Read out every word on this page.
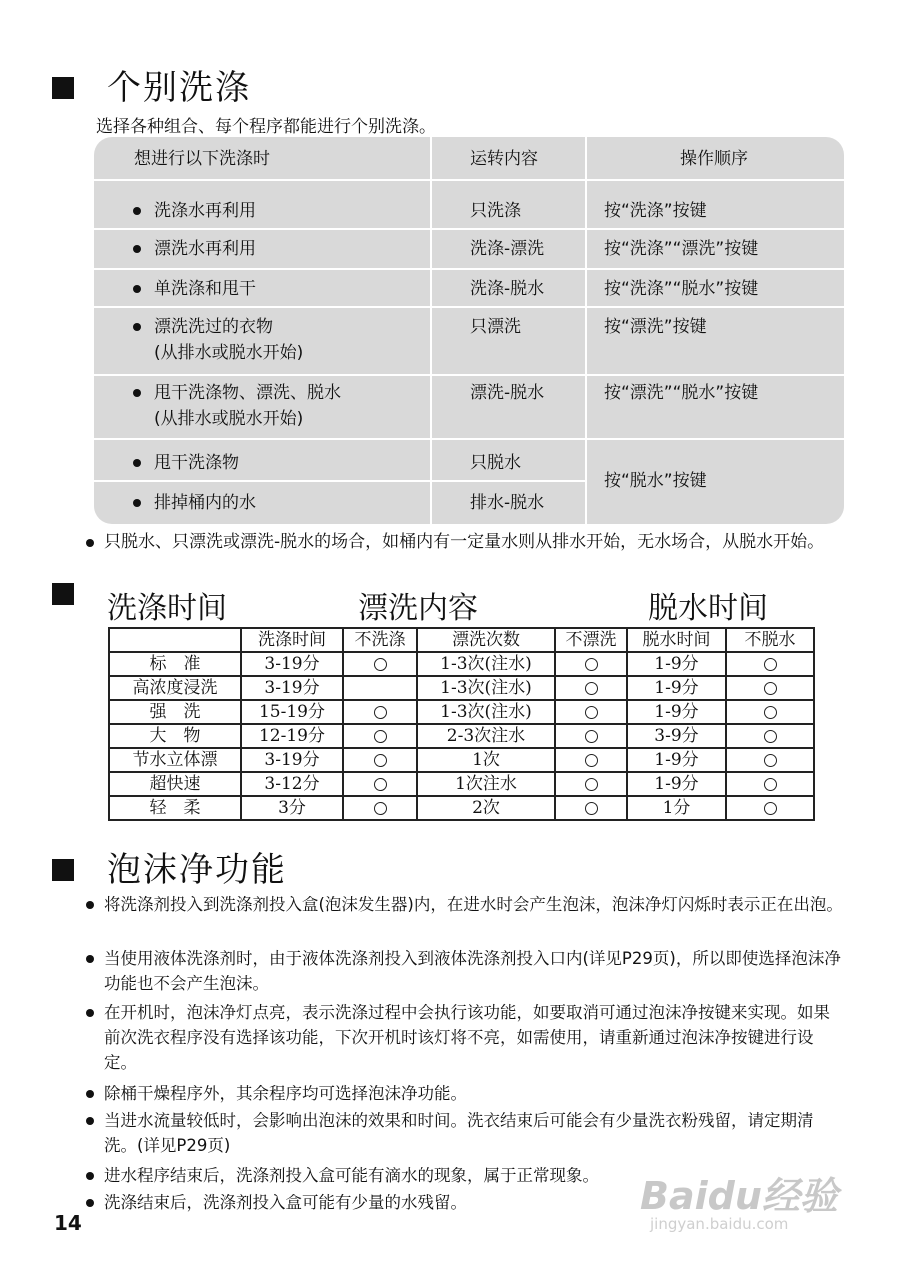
个别洗涤
选择各种组合、每个程序都能进行个别洗涤。
想进行以下洗涤时	运转内容	操作顺序
洗涤水再利用	只洗涤	按“洗涤”按键
漂洗水再利用	洗涤-漂洗	按“洗涤”“漂洗”按键
单洗涤和甩干	洗涤-脱水	按“洗涤”“脱水”按键
漂洗洗过的衣物
(从排水或脱水开始)
只漂洗	按“漂洗”按键
甩干洗涤物、漂洗、脱水
(从排水或脱水开始)
漂洗-脱水	按“漂洗”“脱水”按键
甩干洗涤物	只脱水
排掉桶内的水	排水-脱水
按“脱水”按键
只脱水、只漂洗或漂洗-脱水的场合，如桶内有一定量水则从排水开始，无水场合，从脱水开始。
洗涤时间	漂洗内容	脱水时间
	洗涤时间	不洗涤	漂洗次数	不漂洗	脱水时间	不脱水
标　准	3-19分		1-3次(注水)		1-9分	
高浓度浸洗	3-19分		1-3次(注水)		1-9分	
强　洗	15-19分		1-3次(注水)		1-9分	
大　物	12-19分		2-3次注水		3-9分	
节水立体漂	3-19分		1次		1-9分	
超快速	3-12分		1次注水		1-9分	
轻　柔	3分		2次		1分	
泡沫净功能
将洗涤剂投入到洗涤剂投入盒(泡沫发生器)内，在进水时会产生泡沫，泡沫净灯闪烁时表示正在出泡。
当使用液体洗涤剂时，由于液体洗涤剂投入到液体洗涤剂投入口内(详见P29页)，所以即使选择泡沫净功能也不会产生泡沫。
在开机时，泡沫净灯点亮，表示洗涤过程中会执行该功能，如要取消可通过泡沫净按键来实现。如果前次洗衣程序没有选择该功能，下次开机时该灯将不亮，如需使用，请重新通过泡沫净按键进行设定。
除桶干燥程序外，其余程序均可选择泡沫净功能。
当进水流量较低时，会影响出泡沫的效果和时间。洗衣结束后可能会有少量洗衣粉残留，请定期清洗。(详见P29页)
进水程序结束后，洗涤剂投入盒可能有滴水的现象，属于正常现象。
洗涤结束后，洗涤剂投入盒可能有少量的水残留。
14
Baidu经验
jingyan.baidu.com
